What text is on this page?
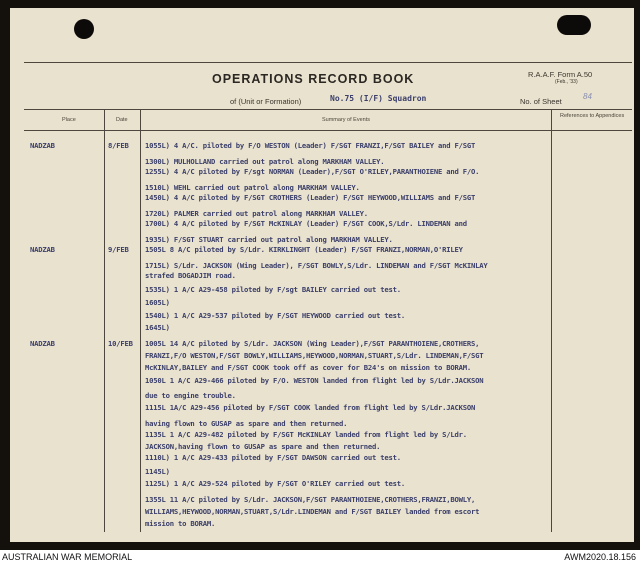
OPERATIONS RECORD BOOK	R.A.A.F. Form A.50
(Feb., '33)
of (Unit or Formation)	No.75 (I/F) Squadron	No. of Sheet
84
Place	Date	Summary of Events
References to Appendices
NADZAB	8/FEB 1055L) 4 A/C. piloted by F/O WESTON (Leader) F/SGT FRANZI,F/SGT BAILEY and F/SGT
1300L) MULHOLLAND carried out patrol along MARKHAM VALLEY.
1255L) 4 A/C piloted by F/sgt NORMAN (Leader),F/SGT O'RILEY,PARANTHOIENE and F/O.
1510L) WEHL carried out patrol along MARKHAM VALLEY.
1450L) 4 A/C piloted by F/SGT CROTHERS (Leader) F/SGT HEYWOOD,WILLIAMS and F/SGT
1720L) PALMER carried out patrol along MARKHAM VALLEY.
1700L) 4 A/C piloted by F/SGT McKINLAY (Leader) F/SGT COOK,S/Ldr. LINDEMAN and
1935L) F/SGT STUART carried out patrol along MARKHAM VALLEY.
NADZAB	9/FEB 1505L 8 A/C piloted by S/Ldr. KIRKLINGHT (Leader) F/SGT FRANZI,NORMAN,O'RILEY
1715L) S/Ldr. JACKSON (Wing Leader), F/SGT BOWLY,S/Ldr. LINDEMAN and F/SGT McKINLAY
strafed BOGADJIM road.
1535L) 1 A/C A29-458 piloted by F/sgt BAILEY carried out test.
1605L)
1540L) 1 A/C A29-537 piloted by F/SGT HEYWOOD carried out test.
1645L)
NADZAB	10/FEB 1005L 14 A/C piloted by S/Ldr. JACKSON (Wing Leader),F/SGT PARANTHOIENE,CROTHERS,
FRANZI,F/O WESTON,F/SGT BOWLY,WILLIAMS,HEYWOOD,NORMAN,STUART,S/Ldr. LINDEMAN,F/SGT
McKINLAY,BAILEY and F/SGT COOK took off as cover for B24's on mission to BORAM.
1050L 1 A/C A29-466 piloted by F/O. WESTON landed from flight led by S/Ldr.JACKSON
due to engine trouble.
1115L 1A/C A29-456 piloted by F/SGT COOK landed from flight led by S/Ldr.JACKSON
having flown to GUSAP as spare and then returned.
1135L 1 A/C A29-482 piloted by F/SGT McKINLAY landed from flight led by S/Ldr.
JACKSON,having flown to GUSAP as spare and then returned.
1110L) 1 A/C A29-433 piloted by F/SGT DAWSON carried out test.
1145L)
1125L) 1 A/C A29-524 piloted by F/SGT O'RILEY carried out test.
1355L 11 A/C piloted by S/Ldr. JACKSON,F/SGT PARANTHOIENE,CROTHERS,FRANZI,BOWLY,
WILLIAMS,HEYWOOD,NORMAN,STUART,S/Ldr.LINDEMAN and F/SGT BAILEY landed from escort
mission to BORAM.
AUSTRALIAN WAR MEMORIAL	AWM2020.18.156
